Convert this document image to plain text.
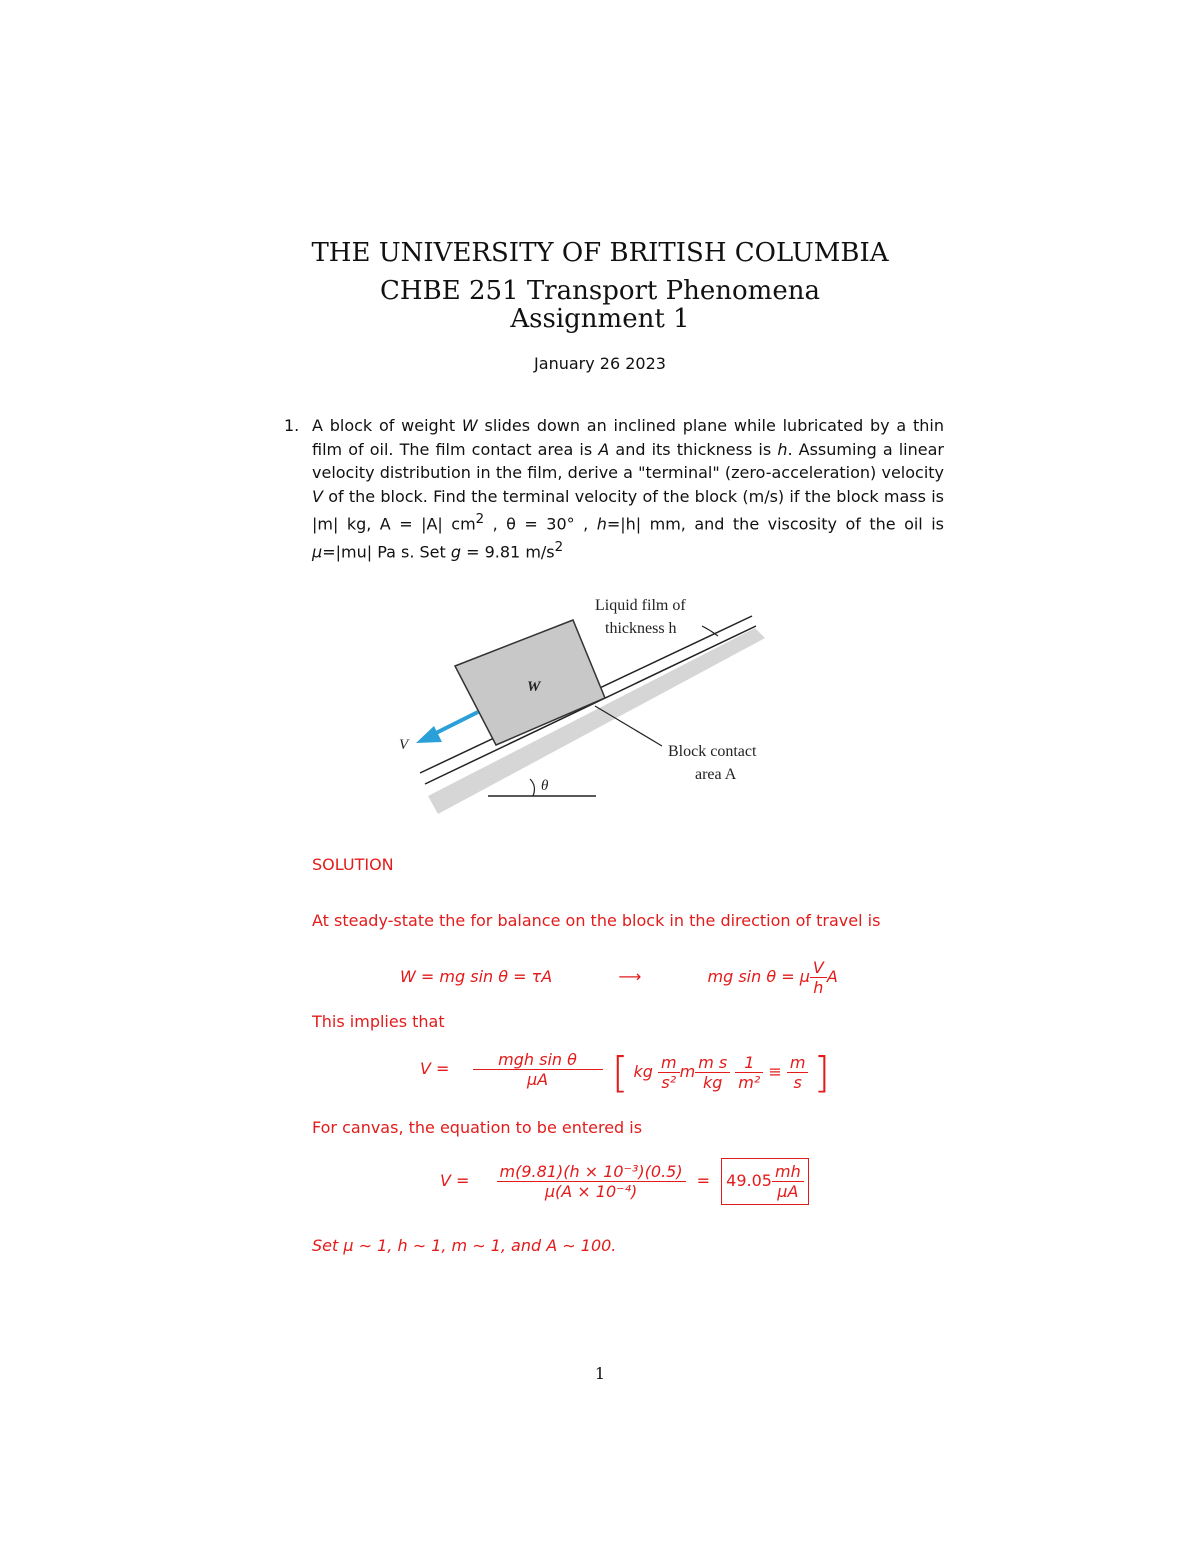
THE UNIVERSITY OF BRITISH COLUMBIA
CHBE 251 Transport Phenomena
Assignment 1
January 26 2023
1. A block of weight W slides down an inclined plane while lubricated by a thin film of oil. The film contact area is A and its thickness is h. Assuming a linear velocity distribution in the film, derive a "terminal" (zero-acceleration) velocity V of the block. Find the terminal velocity of the block (m/s) if the block mass is |m| kg, A = |A| $cm^2$ , θ = 30° , h=|h| mm, and the viscosity of the oil is μ=|mu| Pa s. Set g = 9.81 $m/s^2$
θ
W
V
Liquid film of
thickness h
Block contact
area A
SOLUTION
At steady-state the for balance on the block in the direction of travel is
W = mg sin θ = τA	⟶	mg sin θ = μ $\frac{V}{h}$ A
This implies that
$V = \frac{\text{mgh sin θ}}{\mu A}$ [ kg $\frac{m}{\text{s²}}$ m $\frac{\text{m s}}{kg}$
$\frac{1}{\text{m²}} \equiv \frac{m}{s}$ ]
For canvas, the equation to be entered is
$V = \frac{\text{m(9.81)(h × 10⁻³)(0.5)}}{\text{μ(A × 10⁻⁴)}} = 49.05 \frac{mh}{\mu A}$
Set μ ∼ 1, h ∼ 1, m ∼ 1, and A ∼ 100.
1
